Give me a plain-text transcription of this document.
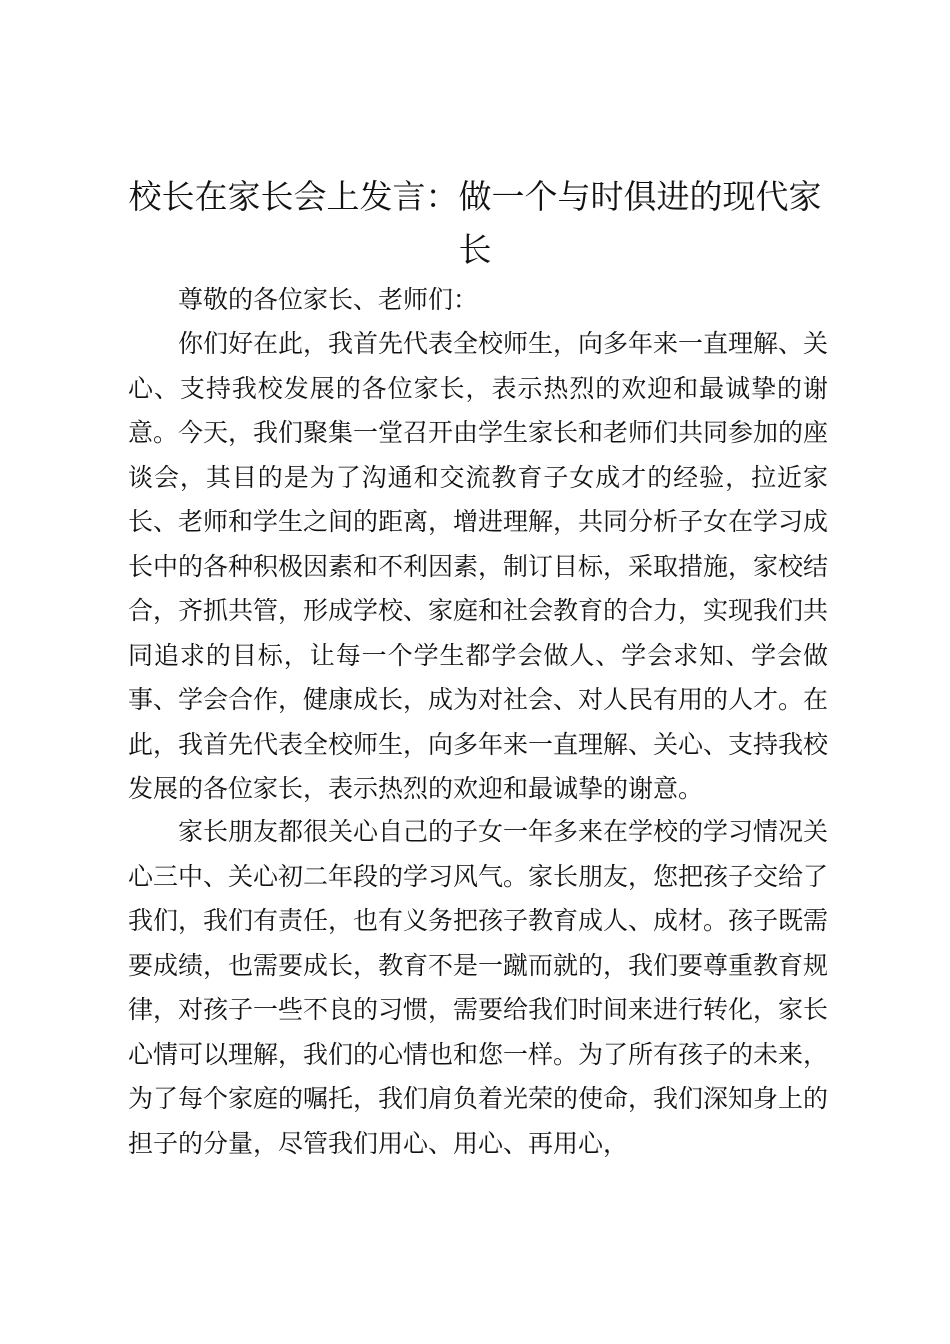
校长在家长会上发言：做一个与时俱进的现代家长

尊敬的各位家长、老师们：

你们好在此，我首先代表全校师生，向多年来一直理解、关心、支持我校发展的各位家长，表示热烈的欢迎和最诚挚的谢意。今天，我们聚集一堂召开由学生家长和老师们共同参加的座谈会，其目的是为了沟通和交流教育子女成才的经验，拉近家长、老师和学生之间的距离，增进理解，共同分析子女在学习成长中的各种积极因素和不利因素，制订目标，采取措施，家校结合，齐抓共管，形成学校、家庭和社会教育的合力，实现我们共同追求的目标，让每一个学生都学会做人、学会求知、学会做事、学会合作，健康成长，成为对社会、对人民有用的人才。在此，我首先代表全校师生，向多年来一直理解、关心、支持我校发展的各位家长，表示热烈的欢迎和最诚挚的谢意。

家长朋友都很关心自己的子女一年多来在学校的学习情况关心三中、关心初二年段的学习风气。家长朋友，您把孩子交给了我们，我们有责任，也有义务把孩子教育成人、成材。孩子既需要成绩，也需要成长，教育不是一蹴而就的，我们要尊重教育规律，对孩子一些不良的习惯，需要给我们时间来进行转化，家长心情可以理解，我们的心情也和您一样。为了所有孩子的未来，为了每个家庭的嘱托，我们肩负着光荣的使命，我们深知身上的担子的分量，尽管我们用心、用心、再用心，
